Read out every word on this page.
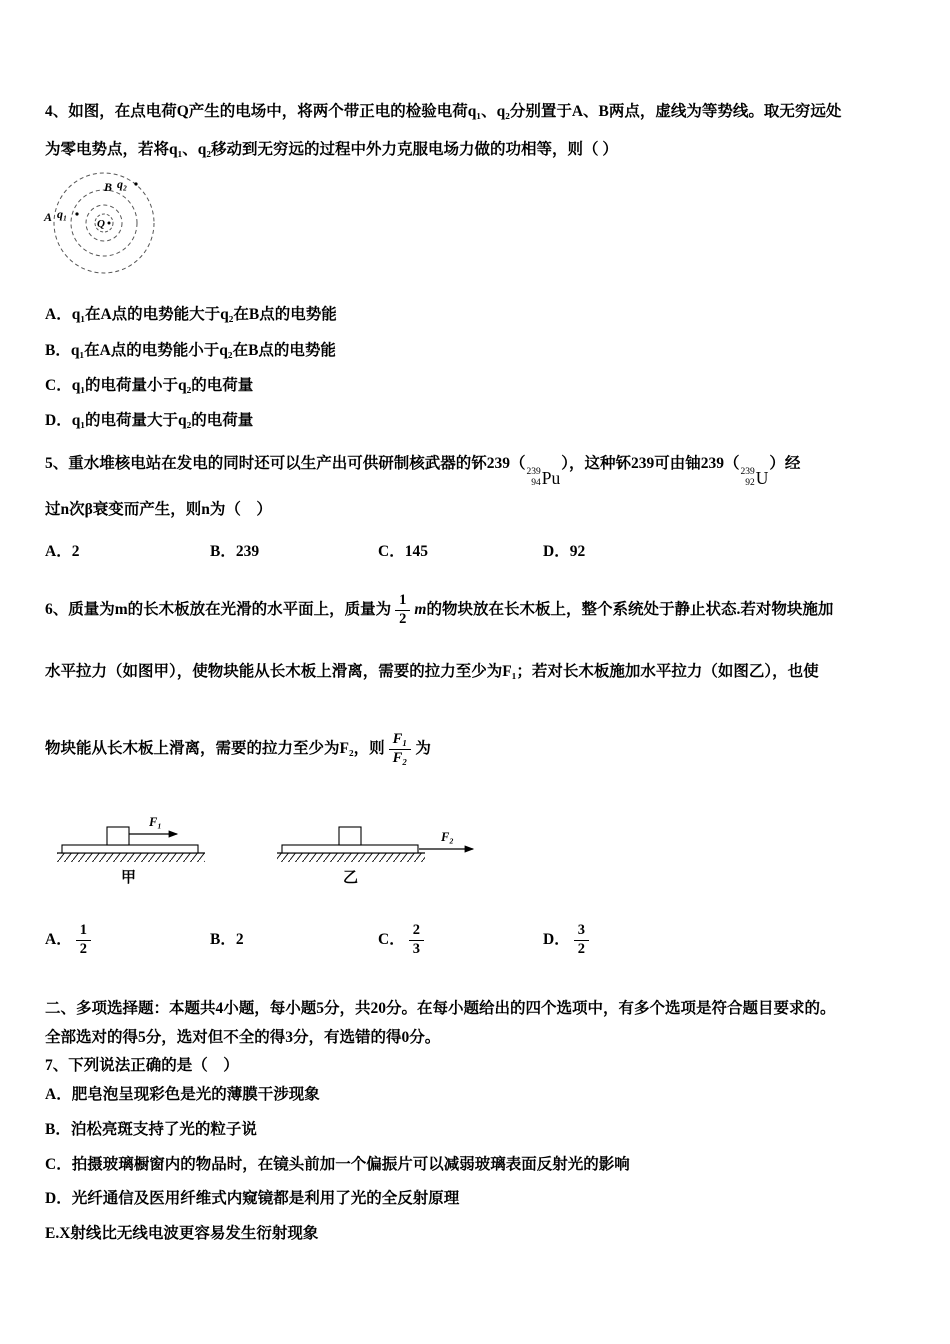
4、如图，在点电荷Q产生的电场中，将两个带正电的检验电荷q₁、q₂分别置于A、B两点，虚线为等势线。取无穷远处
为零电势点，若将q₁、q₂移动到无穷远的过程中外力克服电场力做的功相等，则（ ）
Q
A q₁
B q₂
A．q₁在A点的电势能大于q₂在B点的电势能
B．q₁在A点的电势能小于q₂在B点的电势能
C．q₁的电荷量小于q₂的电荷量
D．q₁的电荷量大于q₂的电荷量
5、重水堆核电站在发电的同时还可以生产出可供研制核武器的钚239（ 239
94 Pu
），这种钚239可由铀239（ 239
92 U
）经
过n次β衰变而产生，则n为（　）
A．2	B．239	C．145	D．92
6、质量为m的长木板放在光滑的水平面上，质量为 $\frac{1}{2}$ m 的物块放在长木板上，整个系统处于静止状态.若对物块施加
水平拉力（如图甲），使物块能从长木板上滑离，需要的拉力至少为F₁；若对长木板施加水平拉力（如图乙），也使
物块能从长木板上滑离，需要的拉力至少为F₂，则 $\frac{\text{F₁}}{\text{F₂}}$ 为
F₁
甲
F₂
乙
A． $\frac{1}{2}$	B． 2	C． $\frac{2}{3}$	D． $\frac{3}{2}$
二、多项选择题：本题共4小题，每小题5分，共20分。在每小题给出的四个选项中，有多个选项是符合题目要求的。
全部选对的得5分，选对但不全的得3分，有选错的得0分。
7、下列说法正确的是（　）
A．肥皂泡呈现彩色是光的薄膜干涉现象
B．泊松亮斑支持了光的粒子说
C．拍摄玻璃橱窗内的物品时，在镜头前加一个偏振片可以减弱玻璃表面反射光的影响
D．光纤通信及医用纤维式内窥镜都是利用了光的全反射原理
E.X射线比无线电波更容易发生衍射现象
